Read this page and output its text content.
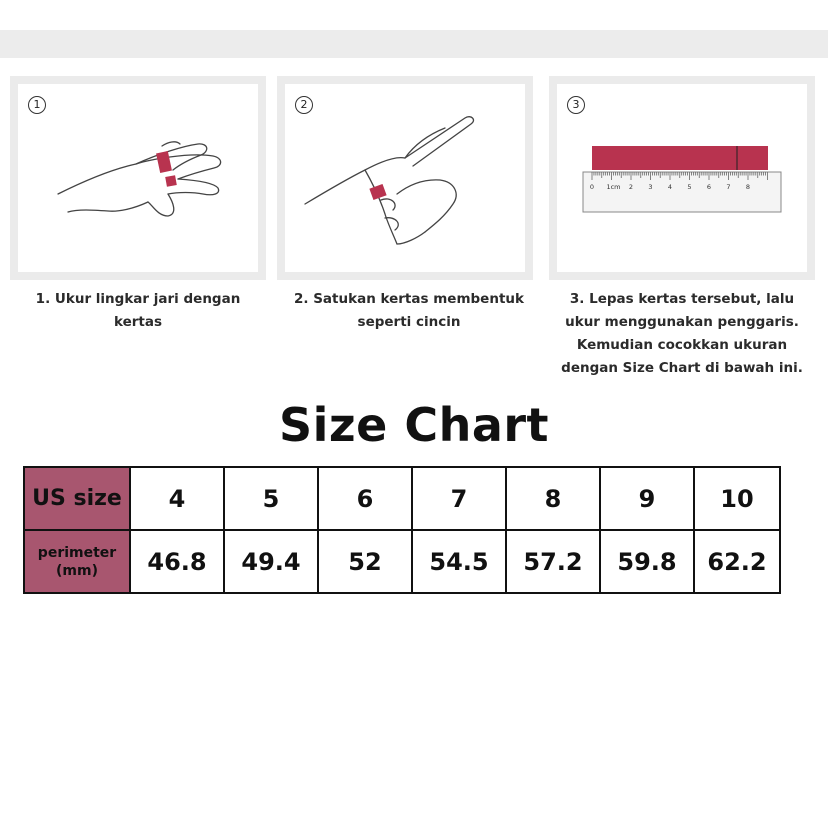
1	2	3
0 1cm 2 3 4 5 6 7 8
1. Ukur lingkar jari dengan
kertas
2. Satukan kertas membentuk
seperti cincin
3. Lepas kertas tersebut, lalu
ukur menggunakan penggaris.
Kemudian cocokkan ukuran
dengan Size Chart di bawah ini.
Size Chart
US size	4	5	6	7	8	9	10

perimeter
(mm)	46.8	49.4	52	54.5	57.2	59.8	62.2
